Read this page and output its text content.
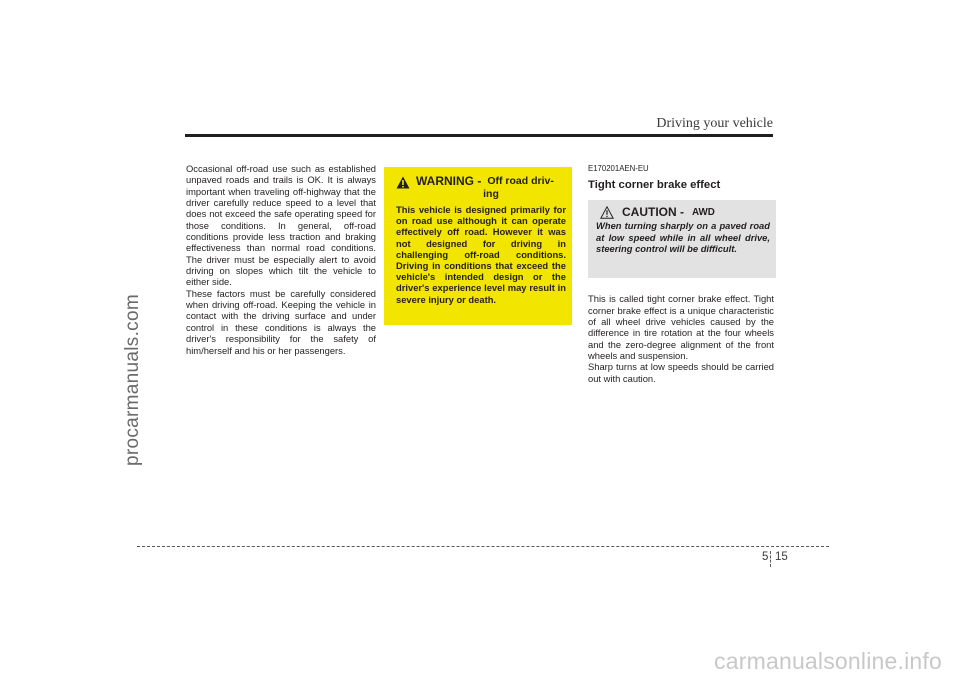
procarmanuals.com
Driving your vehicle

Occasional off-road use such as established unpaved roads and trails is OK. It is always important when traveling off-highway that the driver carefully reduce speed to a level that does not exceed the safe operating speed for those conditions. In general, off-road conditions provide less traction and braking effectiveness than normal road conditions. The driver must be especially alert to avoid driving on slopes which tilt the vehicle to either side.

These factors must be carefully considered when driving off-road. Keeping the vehicle in contact with the driving surface and under control in these conditions is always the driver's responsibility for the safety of him/herself and his or her passengers.

WARNING - Off road driv-
ing

This vehicle is designed primarily for on road use although it can operate effectively off road. However it was not designed for driving in challenging off-road conditions. Driving in conditions that exceed the vehicle's intended design or the driver's experience level may result in severe injury or death.

E170201AEN-EU

Tight corner brake effect

CAUTION - AWD

When turning sharply on a paved road at low speed while in all wheel drive, steering control will be difficult.

This is called tight corner brake effect. Tight corner brake effect is a unique characteristic of all wheel drive vehicles caused by the difference in tire rotation at the four wheels and the zero-degree alignment of the front wheels and suspension.

Sharp turns at low speeds should be carried out with caution.

5 15
carmanualsonline.info
